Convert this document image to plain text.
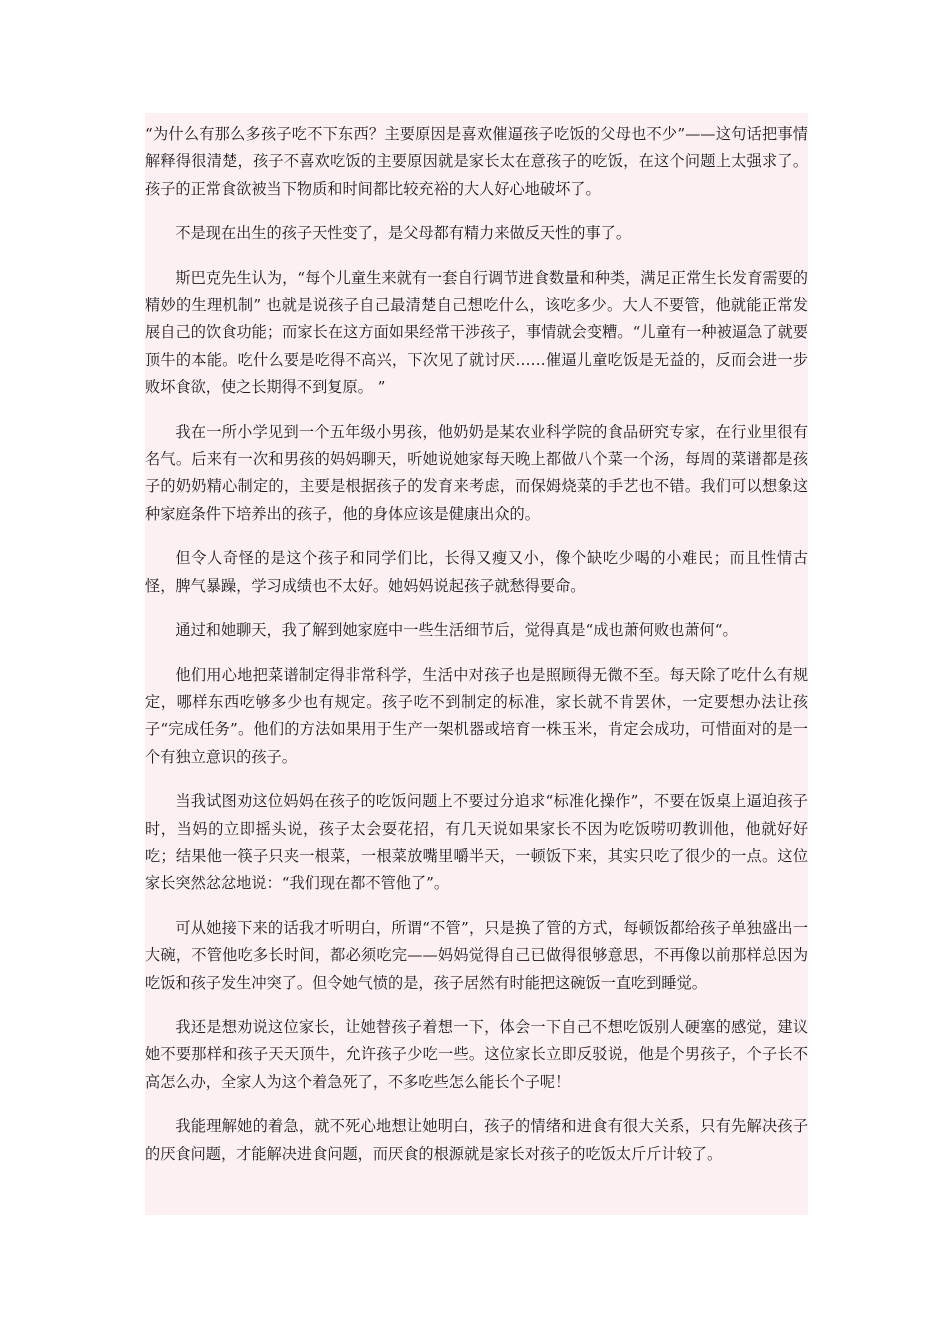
“为什么有那么多孩子吃不下东西？主要原因是喜欢催逼孩子吃饭的父母也不少”——这句话把事情解释得很清楚，孩子不喜欢吃饭的主要原因就是家长太在意孩子的吃饭，在这个问题上太强求了。孩子的正常食欲被当下物质和时间都比较充裕的大人好心地破坏了。

不是现在出生的孩子天性变了，是父母都有精力来做反天性的事了。

斯巴克先生认为，“每个儿童生来就有一套自行调节进食数量和种类，满足正常生长发育需要的精妙的生理机制” 也就是说孩子自己最清楚自己想吃什么，该吃多少。大人不要管，他就能正常发展自己的饮食功能；而家长在这方面如果经常干涉孩子，事情就会变糟。“儿童有一种被逼急了就要顶牛的本能。吃什么要是吃得不高兴，下次见了就讨厌……催逼儿童吃饭是无益的，反而会进一步败坏食欲，使之长期得不到复原。 ”

我在一所小学见到一个五年级小男孩，他奶奶是某农业科学院的食品研究专家，在行业里很有名气。后来有一次和男孩的妈妈聊天，听她说她家每天晚上都做八个菜一个汤，每周的菜谱都是孩子的奶奶精心制定的，主要是根据孩子的发育来考虑，而保姆烧菜的手艺也不错。我们可以想象这种家庭条件下培养出的孩子，他的身体应该是健康出众的。

但令人奇怪的是这个孩子和同学们比，长得又瘦又小，像个缺吃少喝的小难民；而且性情古怪，脾气暴躁，学习成绩也不太好。她妈妈说起孩子就愁得要命。

通过和她聊天，我了解到她家庭中一些生活细节后，觉得真是“成也萧何败也萧何“。

他们用心地把菜谱制定得非常科学，生活中对孩子也是照顾得无微不至。每天除了吃什么有规定，哪样东西吃够多少也有规定。孩子吃不到制定的标准，家长就不肯罢休，一定要想办法让孩子“完成任务”。他们的方法如果用于生产一架机器或培育一株玉米，肯定会成功，可惜面对的是一个有独立意识的孩子。

当我试图劝这位妈妈在孩子的吃饭问题上不要过分追求“标准化操作”，不要在饭桌上逼迫孩子时，当妈的立即摇头说，孩子太会耍花招，有几天说如果家长不因为吃饭唠叨教训他，他就好好吃；结果他一筷子只夹一根菜，一根菜放嘴里嚼半天，一顿饭下来，其实只吃了很少的一点。这位家长突然忿忿地说：“我们现在都不管他了”。

可从她接下来的话我才听明白，所谓“不管”，只是换了管的方式，每顿饭都给孩子单独盛出一大碗，不管他吃多长时间，都必须吃完——妈妈觉得自己已做得很够意思，不再像以前那样总因为吃饭和孩子发生冲突了。但令她气愤的是，孩子居然有时能把这碗饭一直吃到睡觉。

我还是想劝说这位家长，让她替孩子着想一下，体会一下自己不想吃饭别人硬塞的感觉，建议她不要那样和孩子天天顶牛，允许孩子少吃一些。这位家长立即反驳说，他是个男孩子，个子长不高怎么办，全家人为这个着急死了，不多吃些怎么能长个子呢！

我能理解她的着急，就不死心地想让她明白，孩子的情绪和进食有很大关系，只有先解决孩子的厌食问题，才能解决进食问题，而厌食的根源就是家长对孩子的吃饭太斤斤计较了。
